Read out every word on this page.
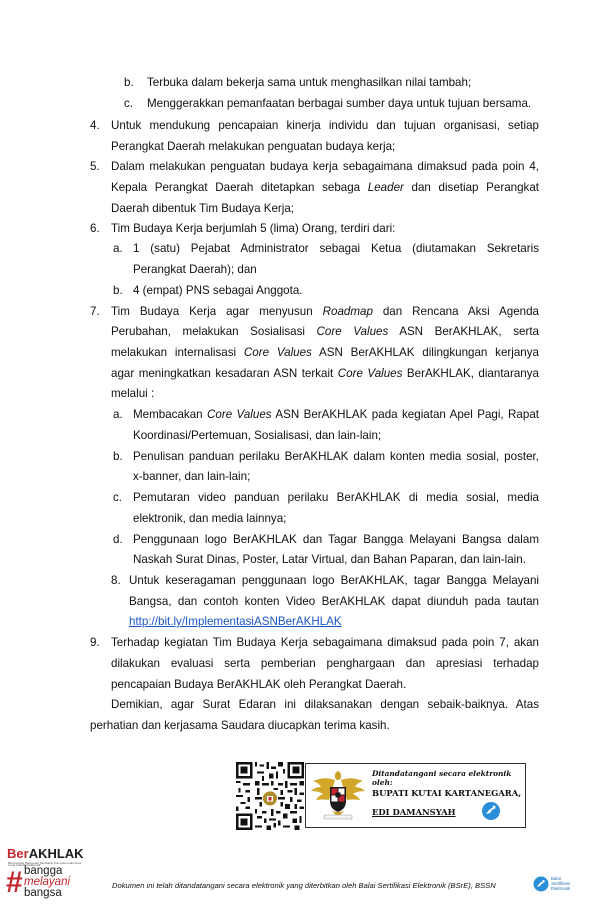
b. Terbuka dalam bekerja sama untuk menghasilkan nilai tambah;
c. Menggerakkan pemanfaatan berbagai sumber daya untuk tujuan bersama.
4. Untuk mendukung pencapaian kinerja individu dan tujuan organisasi, setiap
Perangkat Daerah melakukan penguatan budaya kerja;
5. Dalam melakukan penguatan budaya kerja sebagaimana dimaksud pada poin 4,
Kepala Perangkat Daerah ditetapkan sebaga Leader dan disetiap Perangkat
Daerah dibentuk Tim Budaya Kerja;
6. Tim Budaya Kerja berjumlah 5 (lima) Orang, terdiri dari:
a. 1 (satu) Pejabat Administrator sebagai Ketua (diutamakan Sekretaris
Perangkat Daerah); dan
b. 4 (empat) PNS sebagai Anggota.
7. Tim Budaya Kerja agar menyusun Roadmap dan Rencana Aksi Agenda
Perubahan, melakukan Sosialisasi Core Values ASN BerAKHLAK, serta
melakukan internalisasi Core Values ASN BerAKHLAK dilingkungan kerjanya
agar meningkatkan kesadaran ASN terkait Core Values BerAKHLAK, diantaranya
melalui :
a. Membacakan Core Values ASN BerAKHLAK pada kegiatan Apel Pagi, Rapat
Koordinasi/Pertemuan, Sosialisasi, dan lain-lain;
b. Penulisan panduan perilaku BerAKHLAK dalam konten media sosial, poster,
x-banner, dan lain-lain;
c. Pemutaran video panduan perilaku BerAKHLAK di media sosial, media
elektronik, dan media lainnya;
d. Penggunaan logo BerAKHLAK dan Tagar Bangga Melayani Bangsa dalam
Naskah Surat Dinas, Poster, Latar Virtual, dan Bahan Paparan, dan lain-lain.
8. Untuk keseragaman penggunaan logo BerAKHLAK, tagar Bangga Melayani
Bangsa, dan contoh konten Video BerAKHLAK dapat diunduh pada tautan
http://bit.ly/ImplementasiASNBerAKHLAK
9. Terhadap kegiatan Tim Budaya Kerja sebagaimana dimaksud pada poin 7, akan
dilakukan evaluasi serta pemberian penghargaan dan apresiasi terhadap
pencapaian Budaya BerAKHLAK oleh Perangkat Daerah.
Demikian, agar Surat Edaran ini dilaksanakan dengan sebaik-baiknya. Atas
perhatian dan kerjasama Saudara diucapkan terima kasih.
Ditandatangani secara elektronik oleh:
BUPATI KUTAI KARTANEGARA,
EDI DAMANSYAH
BerAKHLAK
Berorientasi Pelayanan Akuntabel Kompeten Harmonis Loyal Adaptif Kolaboratif
# bangga
melayani
bangsa
Dokumen ini telah ditandatangani secara elektronik yang diterbitkan oleh Balai Sertifikasi Elektronik (BSrE), BSSN
Balai
Sertifikasi
Elektronik
